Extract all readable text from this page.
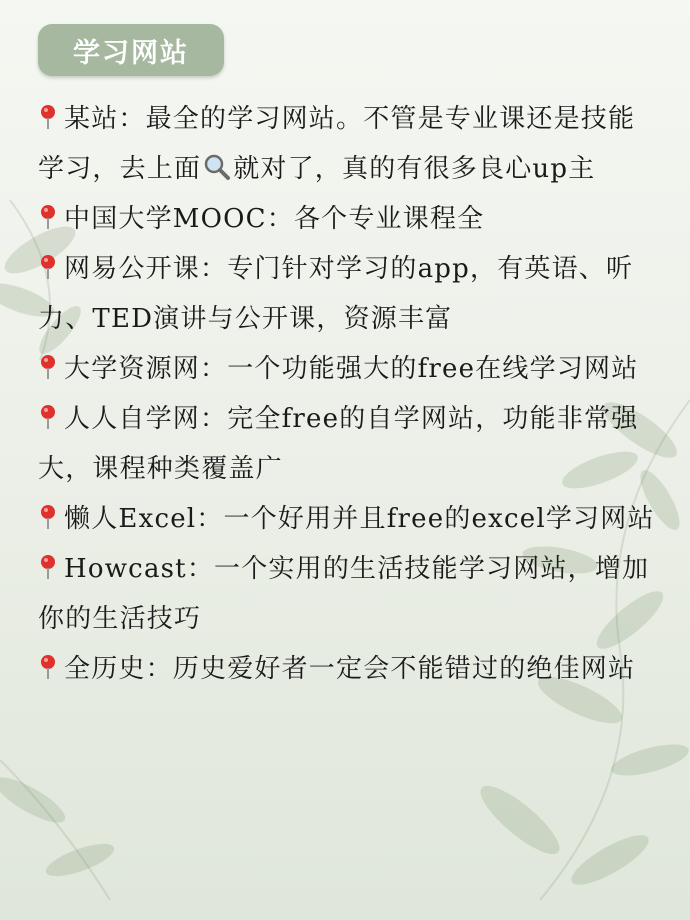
学习网站

某站：最全的学习网站。不管是专业课还是技能学习，去上面 就对了，真的有很多良心up主

中国大学MOOC：各个专业课程全

网易公开课：专门针对学习的app，有英语、听力、TED演讲与公开课，资源丰富

大学资源网：一个功能强大的free在线学习网站

人人自学网：完全free的自学网站，功能非常强大，课程种类覆盖广

懒人Excel：一个好用并且free的excel学习网站

Howcast：一个实用的生活技能学习网站，增加你的生活技巧

全历史：历史爱好者一定会不能错过的绝佳网站
